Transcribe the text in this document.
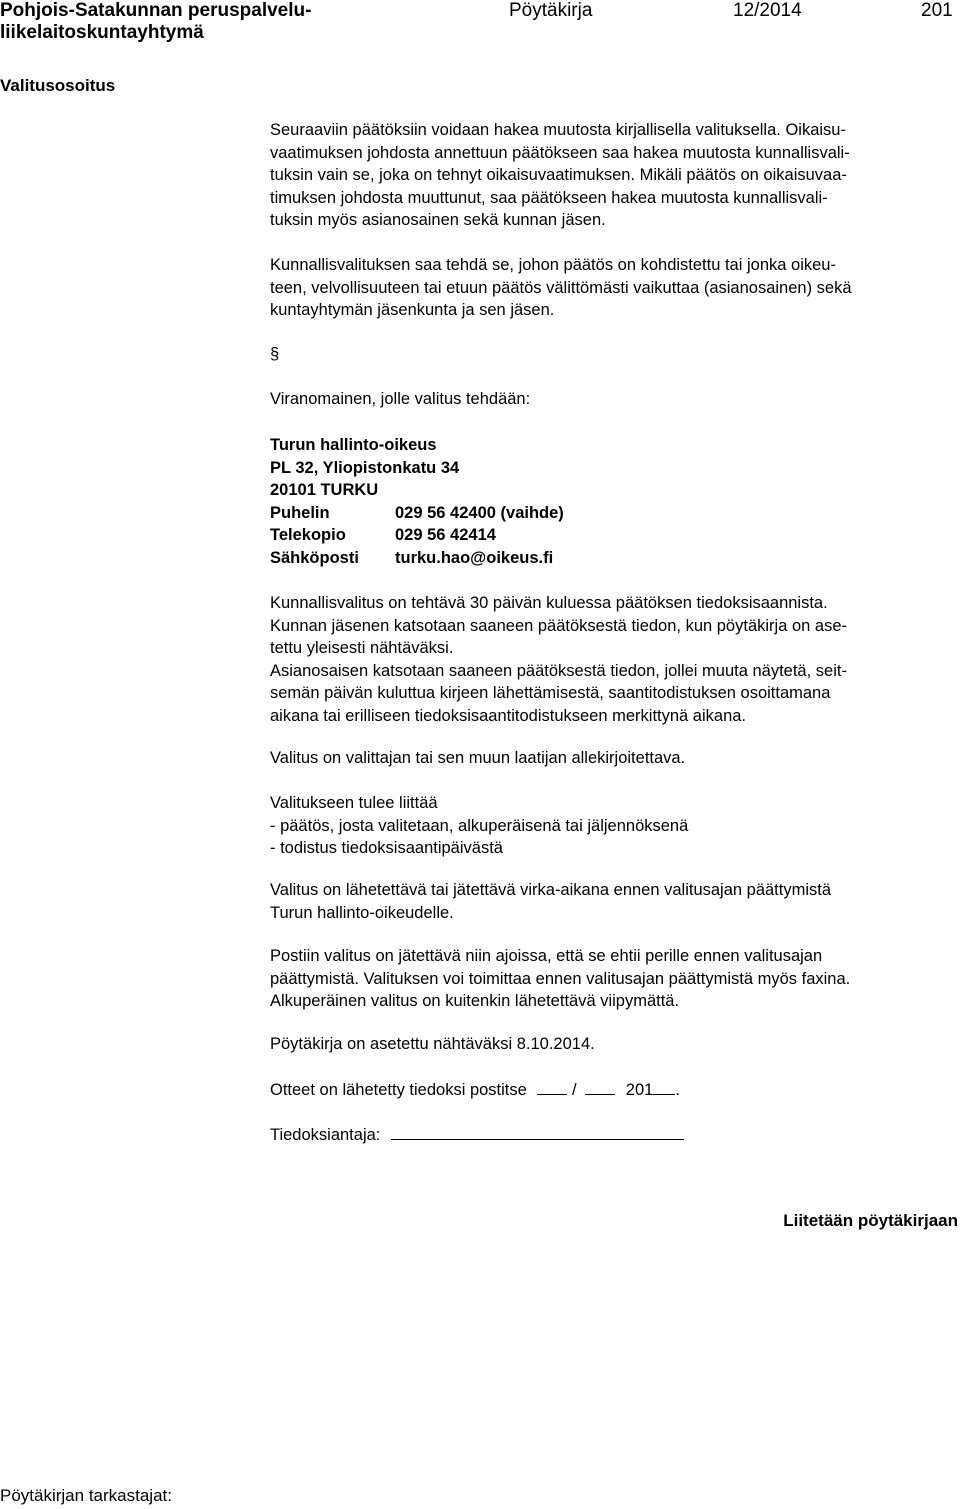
Pohjois-Satakunnan peruspalvelu-
liikelaitoskuntayhtymä
Pöytäkirja	12/2014	201
Valitusosoitus
Seuraaviin päätöksiin voidaan hakea muutosta kirjallisella valituksella. Oikaisu-
vaatimuksen johdosta annettuun päätökseen saa hakea muutosta kunnallisvali-
tuksin vain se, joka on tehnyt oikaisuvaatimuksen. Mikäli päätös on oikaisuvaa-
timuksen johdosta muuttunut, saa päätökseen hakea muutosta kunnallisvali-
tuksin myös asianosainen sekä kunnan jäsen.
Kunnallisvalituksen saa tehdä se, johon päätös on kohdistettu tai jonka oikeu-
teen, velvollisuuteen tai etuun päätös välittömästi vaikuttaa (asianosainen) sekä
kuntayhtymän jäsenkunta ja sen jäsen.
§
Viranomainen, jolle valitus tehdään:
Turun hallinto-oikeus
PL 32, Yliopistonkatu 34
20101 TURKU
Puhelin	029 56 42400 (vaihde)
Telekopio	029 56 42414
Sähköposti	turku.hao@oikeus.fi
Kunnallisvalitus on tehtävä 30 päivän kuluessa päätöksen tiedoksisaannista.
Kunnan jäsenen katsotaan saaneen päätöksestä tiedon, kun pöytäkirja on ase-
tettu yleisesti nähtäväksi.
Asianosaisen katsotaan saaneen päätöksestä tiedon, jollei muuta näytetä, seit-
semän päivän kuluttua kirjeen lähettämisestä, saantitodistuksen osoittamana
aikana tai erilliseen tiedoksisaantitodistukseen merkittynä aikana.
Valitus on valittajan tai sen muun laatijan allekirjoitettava.
Valitukseen tulee liittää
- päätös, josta valitetaan, alkuperäisenä tai jäljennöksenä
- todistus tiedoksisaantipäivästä
Valitus on lähetettävä tai jätettävä virka-aikana ennen valitusajan päättymistä
Turun hallinto-oikeudelle.
Postiin valitus on jätettävä niin ajoissa, että se ehtii perille ennen valitusajan
päättymistä. Valituksen voi toimittaa ennen valitusajan päättymistä myös faxina.
Alkuperäinen valitus on kuitenkin lähetettävä viipymättä.
Pöytäkirja on asetettu nähtäväksi 8.10.2014.
Otteet on lähetetty tiedoksi postitse	/	201 .
Tiedoksiantaja:
Liitetään pöytäkirjaan
Pöytäkirjan tarkastajat:
